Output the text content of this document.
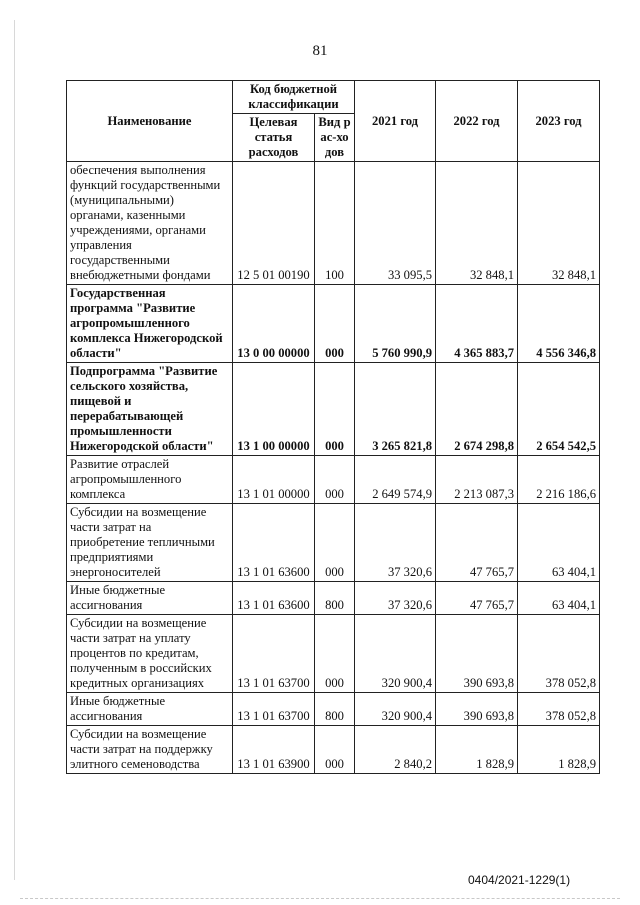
81
Наименование	Код бюджетной классификации		2021 год	2022 год	2023 год
	Целевая статья расходов	Вид рас-ходов			
обеспечения выполнения функций государственными (муниципальными) органами, казенными учреждениями, органами управления государственными внебюджетными фондами	12 5 01 00190	100	33 095,5	32 848,1	32 848,1
Государственная программа "Развитие агропромышленного комплекса Нижегородской области"	13 0 00 00000	000	5 760 990,9	4 365 883,7	4 556 346,8
Подпрограмма "Развитие сельского хозяйства, пищевой и перерабатывающей промышленности Нижегородской области"	13 1 00 00000	000	3 265 821,8	2 674 298,8	2 654 542,5
Развитие отраслей агропромышленного комплекса	13 1 01 00000	000	2 649 574,9	2 213 087,3	2 216 186,6
Субсидии на возмещение части затрат на приобретение тепличными предприятиями энергоносителей	13 1 01 63600	000	37 320,6	47 765,7	63 404,1
Иные бюджетные ассигнования	13 1 01 63600	800	37 320,6	47 765,7	63 404,1
Субсидии на возмещение части затрат на уплату процентов по кредитам, полученным в российских кредитных организациях	13 1 01 63700	000	320 900,4	390 693,8	378 052,8
Иные бюджетные ассигнования	13 1 01 63700	800	320 900,4	390 693,8	378 052,8
Субсидии на возмещение части затрат на поддержку элитного семеноводства	13 1 01 63900	000	2 840,2	1 828,9	1 828,9
0404/2021-1229(1)
